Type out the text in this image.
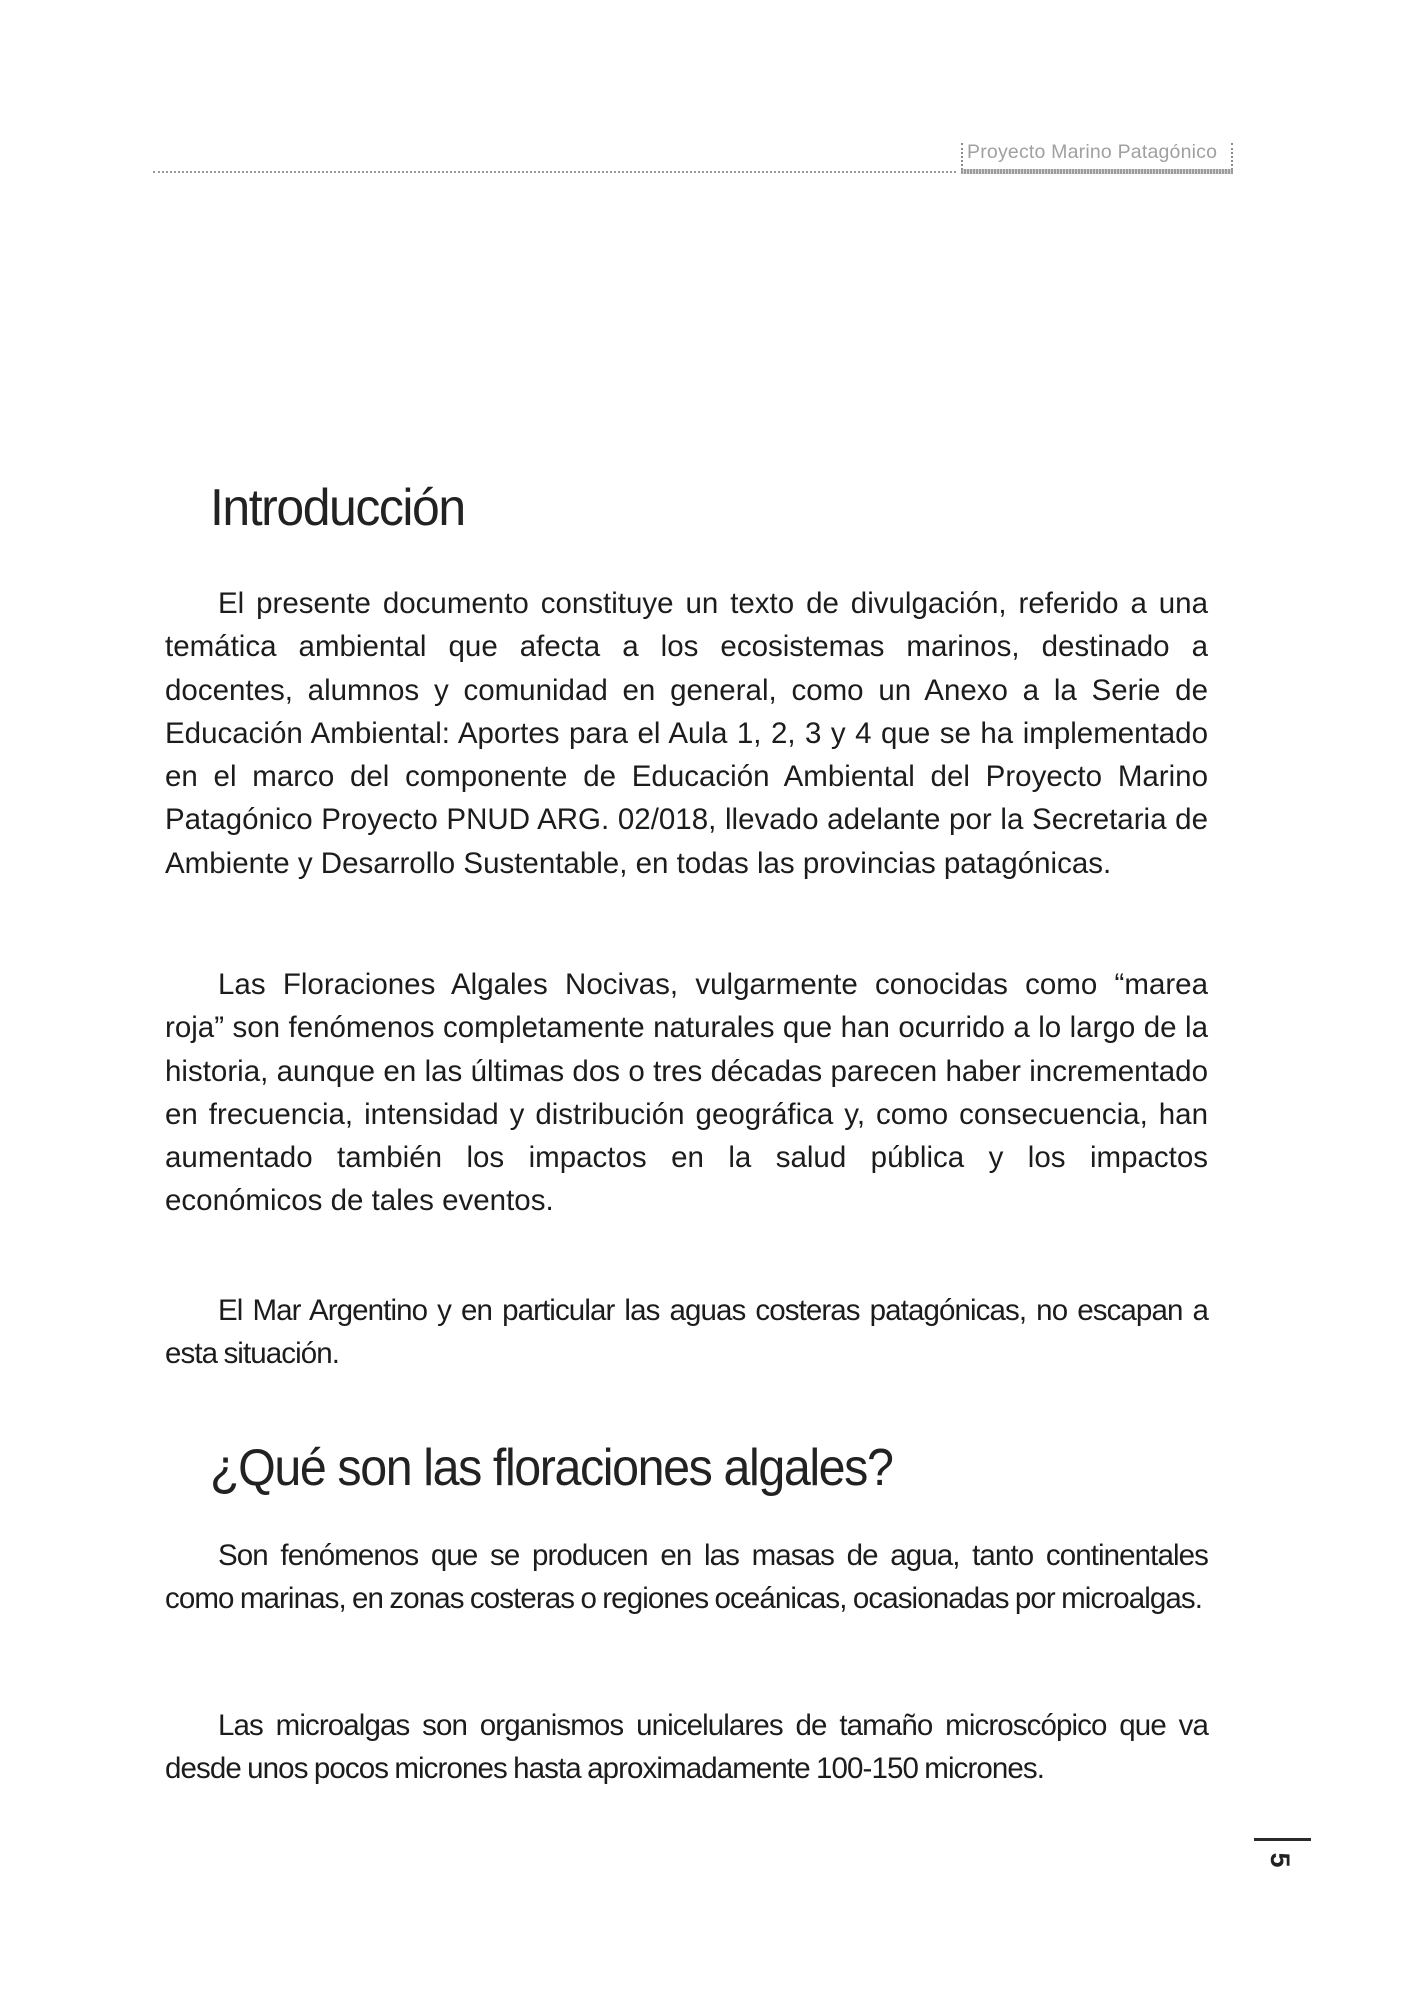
Proyecto Marino Patagónico
Introducción

El presente documento constituye un texto de divulgación, referido a una temática ambiental que afecta a los ecosistemas marinos, destinado a docentes, alumnos y comunidad en general, como un Anexo a la Serie de Educación Ambiental: Aportes para el Aula 1, 2, 3 y 4 que se ha implementado en el marco del componente de Educación Ambiental del Proyecto Marino Patagónico Proyecto PNUD ARG. 02/018, llevado adelante por la Secretaria de Ambiente y Desarrollo Sustentable, en todas las provincias patagónicas.

Las Floraciones Algales Nocivas, vulgarmente conocidas como “marea roja” son fenómenos completamente naturales que han ocurrido a lo largo de la historia, aunque en las últimas dos o tres décadas parecen haber incrementado en frecuencia, intensidad y distribución geográfica y, como consecuencia, han aumentado también los impactos en la salud pública y los impactos económicos de tales eventos.

El Mar Argentino y en particular las aguas costeras patagónicas, no escapan a esta situación.

¿Qué son las floraciones algales?

Son fenómenos que se producen en las masas de agua, tanto continentales como marinas, en zonas costeras o regiones oceánicas, ocasionadas por microalgas.

Las microalgas son organismos unicelulares de tamaño microscópico que va desde unos pocos micrones hasta aproximadamente 100-150 micrones.

5
